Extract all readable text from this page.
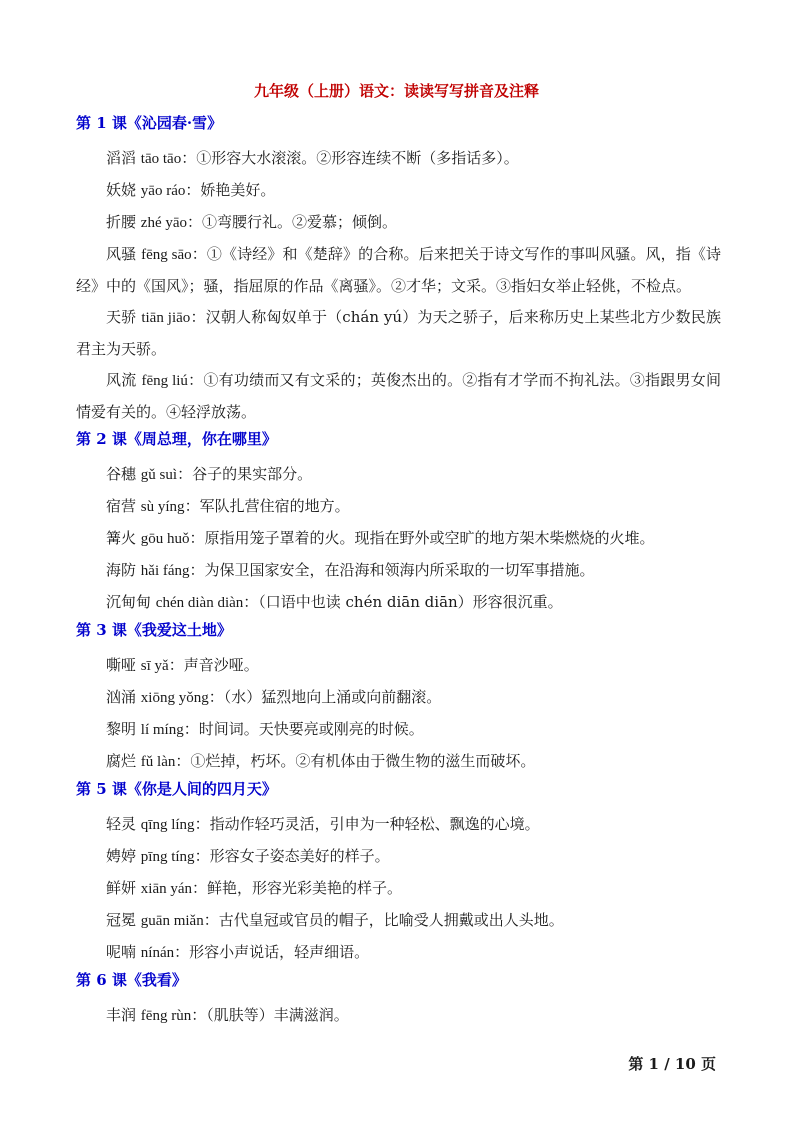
九年级（上册）语文：读读写写拼音及注释
第 1 课《沁园春·雪》

滔滔 tāo tāo：①形容大水滚滚。②形容连续不断（多指话多）。

妖娆 yāo ráo：娇艳美好。

折腰 zhé yāo：①弯腰行礼。②爱慕；倾倒。

风骚 fēng sāo：①《诗经》和《楚辞》的合称。后来把关于诗文写作的事叫风骚。风，指《诗经》中的《国风》；骚，指屈原的作品《离骚》。②才华；文采。③指妇女举止轻佻，不检点。

天骄 tiān jiāo：汉朝人称匈奴单于（chán yú）为天之骄子，后来称历史上某些北方少数民族君主为天骄。

风流 fēng liú：①有功绩而又有文采的；英俊杰出的。②指有才学而不拘礼法。③指跟男女间情爱有关的。④轻浮放荡。

第 2 课《周总理，你在哪里》

谷穗 gǔ suì：谷子的果实部分。

宿营 sù yíng：军队扎营住宿的地方。

篝火 gōu huǒ：原指用笼子罩着的火。现指在野外或空旷的地方架木柴燃烧的火堆。

海防 hǎi fáng：为保卫国家安全，在沿海和领海内所采取的一切军事措施。

沉甸甸 chén diàn diàn：（口语中也读 chén diān diān）形容很沉重。

第 3 课《我爱这土地》

嘶哑 sī yǎ：声音沙哑。

汹涌 xiōng yǒng：（水）猛烈地向上涌或向前翻滚。

黎明 lí míng：时间词。天快要亮或刚亮的时候。

腐烂 fǔ làn：①烂掉，朽坏。②有机体由于微生物的滋生而破坏。

第 5 课《你是人间的四月天》

轻灵 qīng líng：指动作轻巧灵活，引申为一种轻松、飘逸的心境。

娉婷 pīng tíng：形容女子姿态美好的样子。

鲜妍 xiān yán：鲜艳，形容光彩美艳的样子。

冠冕 guān miǎn：古代皇冠或官员的帽子，比喻受人拥戴或出人头地。

呢喃 nínán：形容小声说话，轻声细语。

第 6 课《我看》

丰润 fēng rùn：（肌肤等）丰满滋润。

第 1 / 10 页
